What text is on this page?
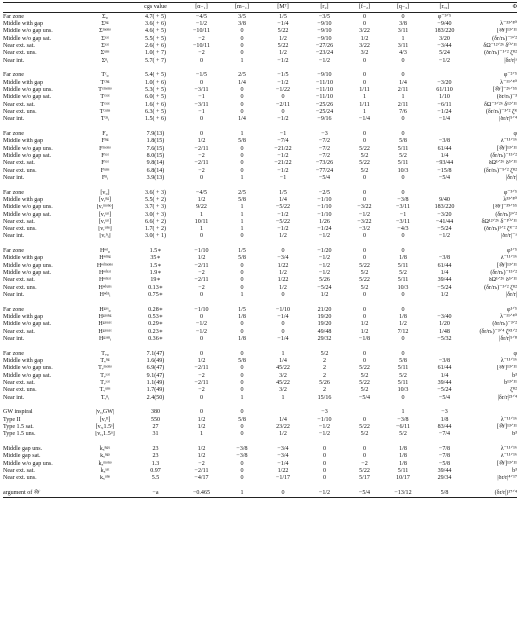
		cgs value	[α₋₁]	[m₋₁]	[Mᵀ]	[r₂]	[f₋₂]	[q₋₃]	[rₒ₂]	Φ
Far zone	Σ₀	4.7( + 5)	−4/5	3/5	1/5	−3/5	0	0	φ⁻³ᐟ⁵	
Middle with gap	Σⁿᵍ	3.6( + 6)	−1/2	3/8	−1/4	−9/10	0	3/8	−9/40	λ⁻³³ᐟ⁸⁰
Middle w/o gap uns.	Σᵐᵒⁿᵒ	4.6( + 5)	−10/11	0	5/22	−9/10	3/22	3/11	183/220	[𝒲]¹³ᐟ¹¹
Middle w/o gap sat.	Σˢᵃᵗ	5.5( + 5)	−2	0	1/2	−9/10	1/2	1	3/20	(δr/rₕ)⁻⁹ᐟ²
Near ext. sat.	Σˢᵃᵗ	2.6( + 6)	−10/11	0	5/22	−27/26	3/22	3/11	−3/44	δΩ⁻¹²ᐟ²⁶ δ⁰ᐟ¹¹
Near ext. uns.	Σᵘⁿˢ	1.0( + 7)	−2	0	1/2	−23/24	3/2	4/3	5/24	(δr/rₕ)⁻¹ᐟ² ζᴿ²
Near int.	Σⁿᵢ	5.7( + 7)	0	1	−1/2	−1/2	0	0	−1/2	|δr/r|ᵃ

Far zone	Tᶜ₀	5.4( + 5)	−1/5	2/5	−1/5	−9/10	0	0		φ⁻²ᐟ⁵
Middle with gap	Tᶜⁿᵍ	1.0( + 6)	0	1/4	−1/2	−11/10	0	1/4	−3/20	λ⁻¹¹ᐟ⁴⁰
Middle w/o gap uns.	Tᶜᵐᵒⁿᵒ	5.3( + 5)	−3/11	0	−1/22	−11/10	1/11	2/11	61/110	[𝒲]⁻²⁶ᐟ⁵⁵
Middle w/o gap sat.	Tᶜˢᵃᵗ	6.0( + 5)	−1	0	0	−11/10	1	1	1/10	(δr/rₕ)⁻³
Near ext. sat.	Tᶜˢᵃᵗ	1.6( + 6)	−3/11	0	−2/11	−25/26	1/11	2/11	−6/11	δΩ⁻³ᐟ²⁶ δ¹²ᐟ¹¹
Near ext. uns.	Tᶜᵘⁿˢ	6.3( + 5)	−1	0	0	−25/24	1	7/6	−1/24	(δr/rₕ)⁻³ᐟ² ζᴿ
Near int.	Tᶜⁿᵢ	1.5( + 6)	0	1/4	−1/2	−9/16	−1/4	0	−1/4	|δr/r|⁵ᐟ⁴

Far zone	F₀	7.9(13)	0	1	−1	−3	0	0		φ
Middle with gap	Fⁿᵍ	1.8(15)	1/2	5/8	−7/4	−7/2	0	5/8	−3/8	λ⁻¹¹ᐟ¹⁶
Middle w/o gap uns.	Fᵐᵒⁿᵒ	7.6(15)	−2/11	0	−21/22	−7/2	5/22	5/11	61/44	[𝒲]¹³ᐟ¹¹
Middle w/o gap sat.	Fˢᵃᵗ	8.0(15)	−2	0	−1/2	−7/2	5/2	5/2	1/4	(δr/rₕ)⁻¹⁵ᐟ²
Near ext. sat.	Fˢᵃᵗ	9.8(14)	−2/11	0	−21/22	−73/26	5/22	5/11	−93/44	δΩ¹ᐟ²⁶ δ⁵ᐟ¹¹
Near ext. uns.	Fᵘⁿˢ	6.8(14)	−2	0	−1/2	−77/24	5/2	10/3	−15/8	(δr/rₕ)⁻⁵ᐟ² ζᴿ²
Near int.	Fⁿᵢ	3.9(13)	0	1	−1	−5/4	0	0	−5/4	|δr/r|

Far zone	[v₀]	3.6( + 3)	−4/5	2/5	1/5	−2/5	0	0		φ⁻³ᐟ⁵
Middle with gap	[vᵣⁿᵍ]	5.5( + 2)	1/2	5/8	1/4	−1/10	0	−3/8	9/40	λ³³ᐟ⁸⁰
Middle w/o gap uns.	[vᵣᵐᵒⁿᵒ]	3.7( + 3)	9/22	1	−5/22	−1/10	−3/22	−3/11	183/220	[𝒲]⁻³⁹ᐟ⁵⁵
Middle w/o gap sat.	[vᵣˢᵃᵗ]	3.0( + 3)	1	1	−1/2	−1/10	−1/2	−1	−3/20	(δr/rₕ)⁹ᐟ²
Near ext. sat.	[vᵣˢᵃᵗ]	6.6( + 2)	10/11	1	−5/22	1/26	−3/22	−3/11	−41/44	δΩ¹²ᐟ²⁶ δ⁻¹⁰ᐟ¹¹
Near ext. uns.	[vᵣᵘⁿˢ]	1.7( + 2)	1	1	−1/2	−1/24	−3/2	−4/3	−5/24	(δr/rₕ)¹ᐟ² ζᴿ⁻²
Near int.	[vᵣⁿᵢ]	3.0( + 1)	0	0	1/2	−1/2	0	0	−1/2	|δr/r|⁻ᵃ

Far zone	Hᵉᵈ₀	1.5∗	−1/10	1/5	0	−1/20	0	0		φ¹ᐟ⁵
Middle with gap	Hᵉᵈⁿᵍ	35∗	1/2	5/8	−3/4	−1/2	0	1/8	−3/8	λ⁻¹¹ᐟ¹⁶
Middle w/o gap uns.	Hᵉᵈᵐᵒⁿᵒ	1.5∗	−2/11	0	1/22	−1/2	5/22	5/11	61/44	[𝒲]¹³ᐟ¹¹
Middle w/o gap sat.	Hᵉᵈˢᵃᵗ	1.9∗	−2	0	1/2	−1/2	5/2	5/2	1/4	(δr/rₕ)⁻¹⁵ᐟ²
Near ext. sat.	Hᵉᵈˢᵃᵗ	19∗	−2/11	0	1/22	5/26	5/22	5/11	39/44	δΩ¹ᐟ²⁶ δ⁵ᐟ¹¹
Near ext. uns.	Hᵉᵈᵘⁿˢ	0.13∗	−2	0	1/2	−5/24	5/2	10/3	−5/24	(δr/rₕ)⁻³ᐟ² ζᴿ²
Near int.	Hᵉᵈⁿᵢ	0.75∗	0	1	0	1/2	0	0	1/2	|δr/r|

Far zone	Hᵍᵃˢ₀	0.28∗	−1/10	1/5	−1/10	21/20	0	0		φ¹ᐟ⁵
Middle with gap	Hᵍᵃˢⁿᵍ	0.53∗	0	1/8	−1/4	19/20	0	1/8	−3/40	λ⁻¹¹ᐟ⁴⁰
Middle w/o gap sat.	Hᵍᵃˢˢᵃᵗ	0.29∗	−1/2	0	0	19/20	1/2	1/2	1/20	(δr/rₕ)⁻³ᐟ²
Near ext. sat.	Hᵍᵃˢˢᵃᵗ	0.23∗	−1/2	0	0	49/48	1/2	7/12	1/48	(δr/rₕ)⁻³ᐟ⁴ ζᴿ¹ᐟ²
Near int.	Hᵍᵃˢⁿᵢ	0.36∗	0	1/8	−1/4	29/32	−1/8	0	−5/32	|δr/r|⁵ᐟ⁸

Far zone	Tᵥ₀	7.1(47)	0	0	1	5/2	0	0		φ
Middle with gap	Tᵥⁿᵍ	1.6(49)	1/2	5/8	1/4	2	0	5/8	−3/8	λ⁻¹¹ᐟ¹⁶
Middle w/o gap uns.	Tᵥᵐᵒⁿᵒ	6.9(47)	−2/11	0	45/22	2	5/22	5/11	61/44	[𝒲]¹³ᐟ¹¹
Middle w/o gap sat.	Tᵥˢᵃᵗ	9.1(47)	−2	0	3/2	2	5/2	5/2	1/4	b³
Near ext. sat.	Tᵥˢᵃᵗ	1.1(49)	−2/11	0	45/22	5/26	5/22	5/11	39/44	b¹³ᐟ¹¹
Near ext. uns.	Tᵥᵘⁿˢ	1.7(49)	−2	0	3/2	2	5/2	10/3	−5/24	ζᴿ²
Near int.	Tᵥⁿᵢ	2.4(50)	0	1	1	15/16	−5/4	0	−5/4	|δr/r|²¹ᐟ⁴

GW inspiral	|vᵣ,GW|	380	0	0		−3		1	−3	
Type II	[vᵣᴵᴵ]	550	1/2	5/8	1/4	−1/10	0	−3/8	1/8	λ⁻¹¹ᐟ¹⁶
Type 1.5 sat.	[vᵣ,1.5ˢ]	27	1/2	0	23/22	−1/2	5/22	−6/11	83/44	[𝒲]¹³ᐟ¹¹
Type 1.5 uns.	[vᵣ,1.5ᵘ]	31	1	0	1/2	−1/2	5/2	5/2	−7/4	b³

Middle gap uns.	kₓⁿᵍᵘ	23	1/2	−3/8	−3/4	0	0	1/8	−7/8	λ⁻¹¹ᐟ¹⁶
Middle gap sat.	kₓⁿᵍˢ	23	1/2	−3/8	−3/4	0	0	1/8	−7/8	λ⁻¹¹ᐟ¹⁶
Middle w/o gap uns.	kₓᵐᵒⁿᵒ	1.3	−2	0	−1/4	0	−2	1/8	−5/8	[𝒲]¹³ᐟ¹¹
Near ext. sat.	kₓˢᵃᵗ	0.97	−2/11	0	1/22	0	5/22	5/11	39/44	b³
Near ext. uns.	kₓᵘⁿˢ	5.5	−4/17	0	−1/17	0	5/17	10/17	29/34	|δr/r|⁴ᐟ¹⁷

argument of 𝒲		−a	−0.465	1	0	−1/2	−5/4	−13/12	5/8	(δr/r|)¹⁷ᐟ⁴
